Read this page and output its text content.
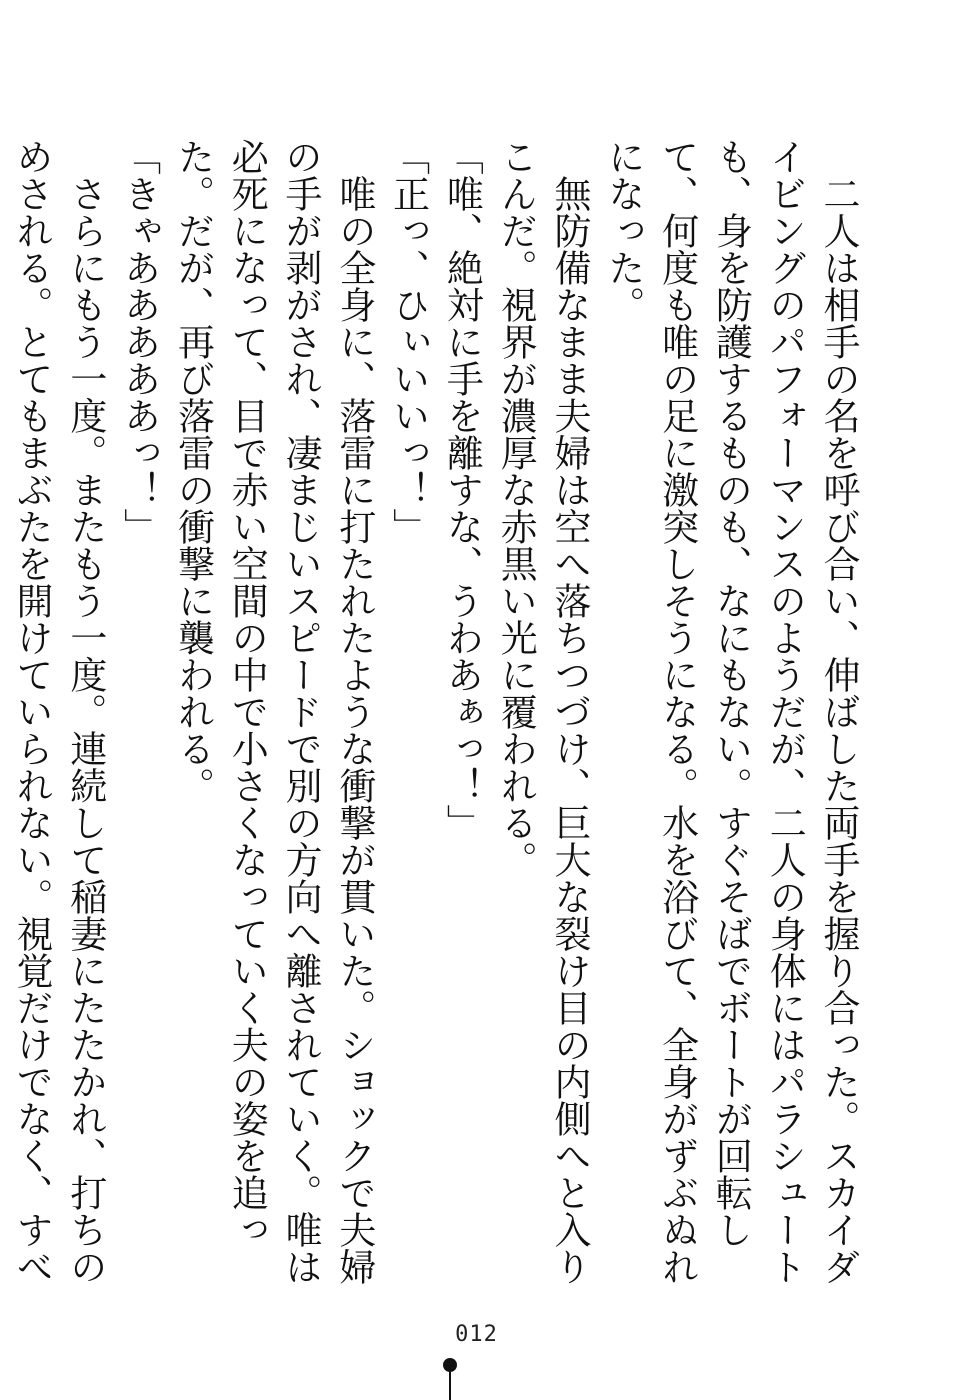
　二人は相手の名を呼び合い、伸ばした両手を握り合った。スカイダイビングのパフォーマンスのようだが、二人の身体にはパラシュートも、身を防護するものも、なにもない。すぐそばでボートが回転して、何度も唯の足に激突しそうになる。水を浴びて、全身がずぶぬれになった。

　無防備なまま夫婦は空へ落ちつづけ、巨大な裂け目の内側へと入りこんだ。視界が濃厚な赤黒い光に覆われる。

「唯、絶対に手を離すな、うわあぁっ！」

「正っ、ひぃいいっ！」

　唯の全身に、落雷に打たれたような衝撃が貫いた。ショックで夫婦の手が剥がされ、凄まじいスピードで別の方向へ離されていく。唯は必死になって、目で赤い空間の中で小さくなっていく夫の姿を追った。だが、再び落雷の衝撃に襲われる。

「きゃあああああっ！」

　さらにもう一度。またもう一度。連続して稲妻にたたかれ、打ちのめされる。とてもまぶたを開けていられない。視覚だけでなく、すべ

012
